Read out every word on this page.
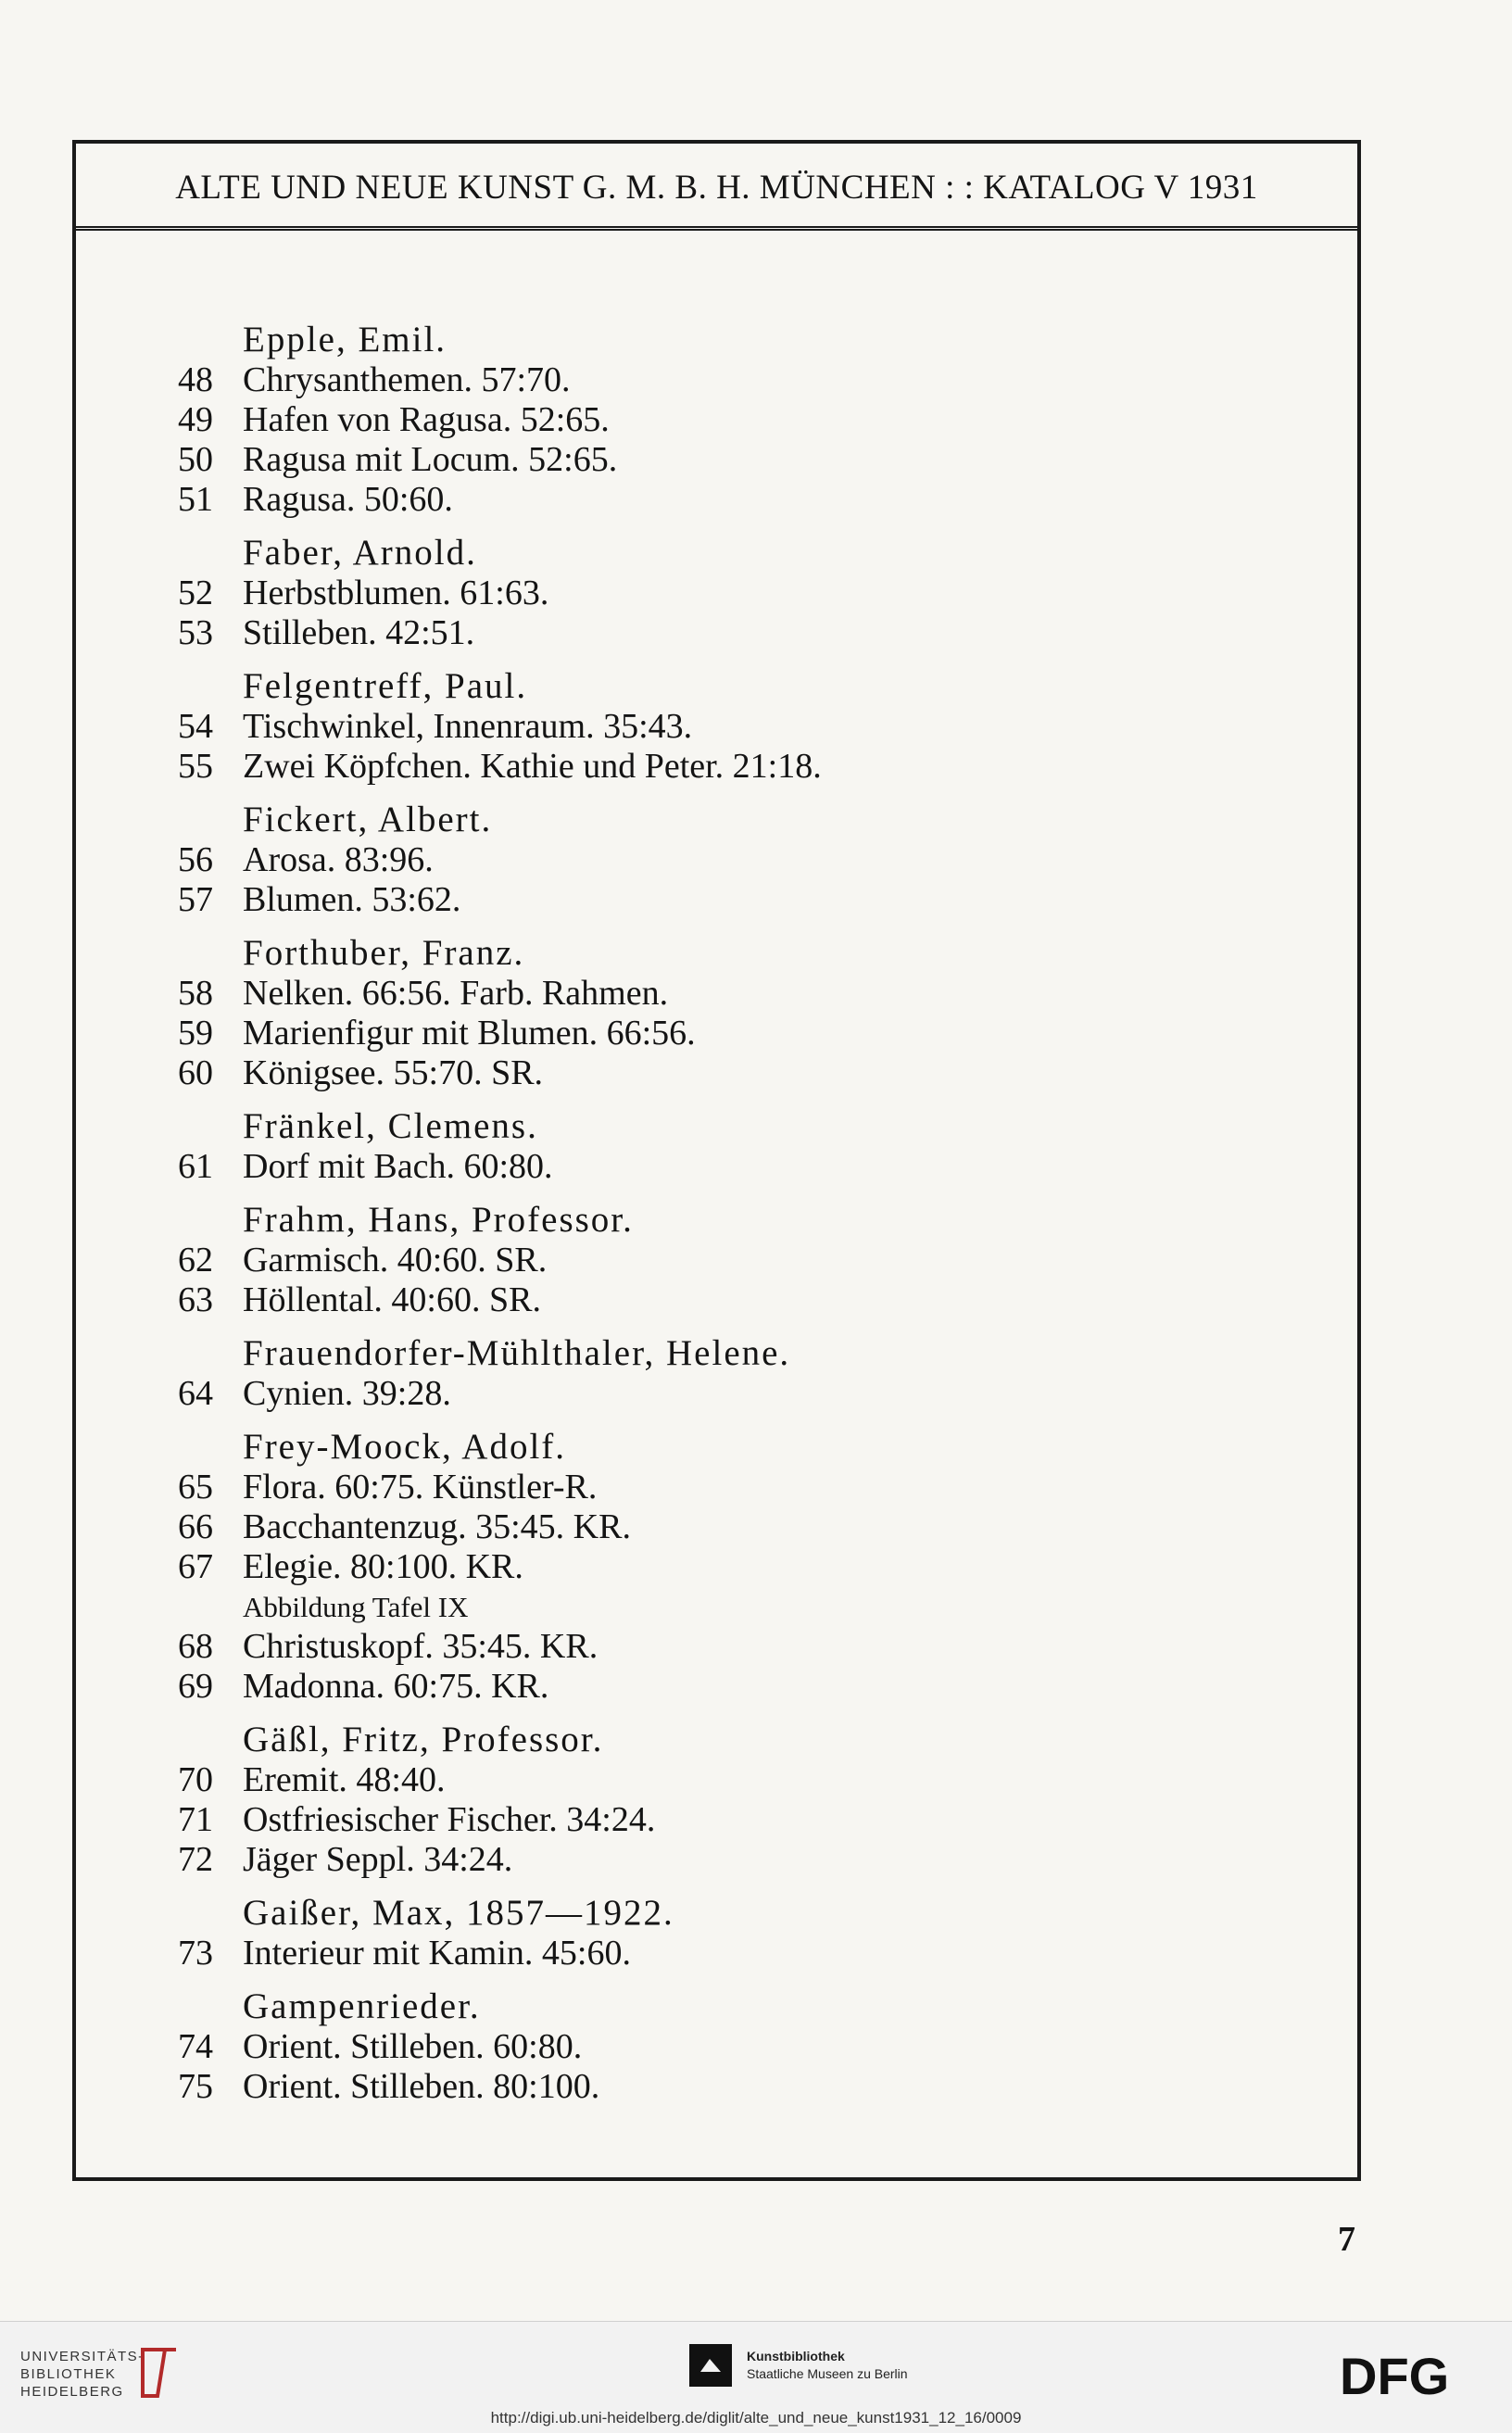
ALTE UND NEUE KUNST G. M. B. H. MÜNCHEN : : KATALOG V 1931
Epple, Emil.
48 Chrysanthemen. 57:70.
49 Hafen von Ragusa. 52:65.
50 Ragusa mit Locum. 52:65.
51 Ragusa. 50:60.
Faber, Arnold.
52 Herbstblumen. 61:63.
53 Stilleben. 42:51.
Felgentreff, Paul.
54 Tischwinkel, Innenraum. 35:43.
55 Zwei Köpfchen. Kathie und Peter. 21:18.
Fickert, Albert.
56 Arosa. 83:96.
57 Blumen. 53:62.
Forthuber, Franz.
58 Nelken. 66:56. Farb. Rahmen.
59 Marienfigur mit Blumen. 66:56.
60 Königsee. 55:70. SR.
Fränkel, Clemens.
61 Dorf mit Bach. 60:80.
Frahm, Hans, Professor.
62 Garmisch. 40:60. SR.
63 Höllental. 40:60. SR.
Frauendorfer-Mühlthaler, Helene.
64 Cynien. 39:28.
Frey-Moock, Adolf.
65 Flora. 60:75. Künstler-R.
66 Bacchantenzug. 35:45. KR.
67 Elegie. 80:100. KR.
Abbildung Tafel IX
68 Christuskopf. 35:45. KR.
69 Madonna. 60:75. KR.
Gäßl, Fritz, Professor.
70 Eremit. 48:40.
71 Ostfriesischer Fischer. 34:24.
72 Jäger Seppl. 34:24.
Gaißer, Max, 1857—1922.
73 Interieur mit Kamin. 45:60.
Gampenrieder.
74 Orient. Stilleben. 60:80.
75 Orient. Stilleben. 80:100.
7
UNIVERSITÄTS-
BIBLIOTHEK
HEIDELBERG
Kunstbibliothek
Staatliche Museen zu Berlin	DFG
http://digi.ub.uni-heidelberg.de/diglit/alte_und_neue_kunst1931_12_16/0009
